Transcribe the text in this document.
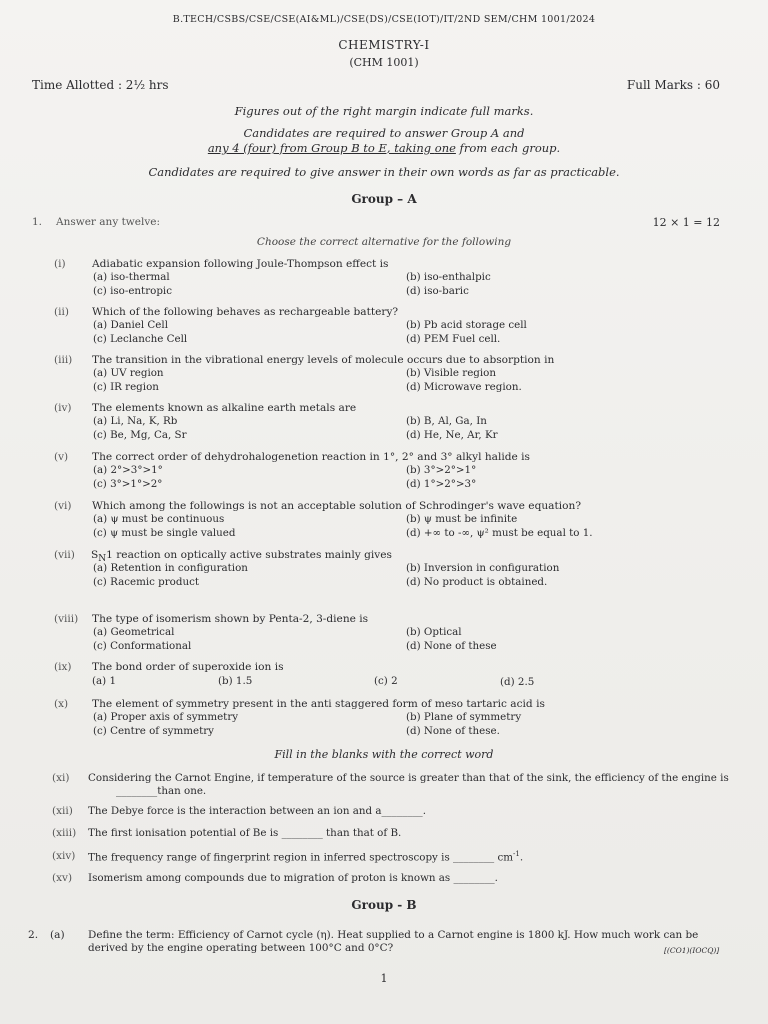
B.TECH/CSBS/CSE/CSE(AI&ML)/CSE(DS)/CSE(IOT)/IT/2ND SEM/CHM 1001/2024
CHEMISTRY-I
(CHM 1001)
Time Allotted : 2½ hrs	Full Marks : 60
Figures out of the right margin indicate full marks.
Candidates are required to answer Group A and
any 4 (four) from Group B to E, taking one from each group.
Candidates are required to give answer in their own words as far as practicable.
Group – A
1. Answer any twelve:	12 × 1 = 12
Choose the correct alternative for the following
(i) Adiabatic expansion following Joule-Thompson effect is
(a) iso-thermal	(b) iso-enthalpic
(c) iso-entropic	(d) iso-baric
(ii) Which of the following behaves as rechargeable battery?
(a) Daniel Cell	(b) Pb acid storage cell
(c) Leclanche Cell	(d) PEM Fuel cell.
(iii) The transition in the vibrational energy levels of molecule occurs due to absorption in
(a) UV region	(b) Visible region
(c) IR region	(d) Microwave region.
(iv) The elements known as alkaline earth metals are
(a) Li, Na, K, Rb	(b) B, Al, Ga, In
(c) Be, Mg, Ca, Sr	(d) He, Ne, Ar, Kr
(v) The correct order of dehydrohalogenetion reaction in 1°, 2° and 3° alkyl halide is
(a) 2°>3°>1°	(b) 3°>2°>1°
(c) 3°>1°>2°	(d) 1°>2°>3°
(vi) Which among the followings is not an acceptable solution of Schrodinger's wave equation?
(a) ψ must be continuous	(b) ψ must be infinite
(c) ψ must be single valued	(d) +∞ to -∞, ψ² must be equal to 1.
(vii) $S_N1$ reaction on optically active substrates mainly gives
(a) Retention in configuration	(b) Inversion in configuration
(c) Racemic product	(d) No product is obtained.
(viii) The type of isomerism shown by Penta-2, 3-diene is
(a) Geometrical	(b) Optical
(c) Conformational	(d) None of these
(ix) The bond order of superoxide ion is
(a) 1	(b) 1.5	(c) 2	(d) 2.5
(x) The element of symmetry present in the anti staggered form of meso tartaric acid is
(a) Proper axis of symmetry	(b) Plane of symmetry
(c) Centre of symmetry	(d) None of these.
Fill in the blanks with the correct word
(xi) Considering the Carnot Engine, if temperature of the source is greater than that of the sink, the efficiency of the engine is
________than one.
(xii) The Debye force is the interaction between an ion and a________.
(xiii) The first ionisation potential of Be is ________ than that of B.
(xiv) The frequency range of fingerprint region in inferred spectroscopy is ________ $cm^{-1}$.
(xv) Isomerism among compounds due to migration of proton is known as ________.
Group - B
2. (a) Define the term: Efficiency of Carnot cycle (η). Heat supplied to a Carnot engine is 1800 kJ. How much work can be
derived by the engine operating between 100°C and 0°C?	[(CO1)(IOCQ)]
1
